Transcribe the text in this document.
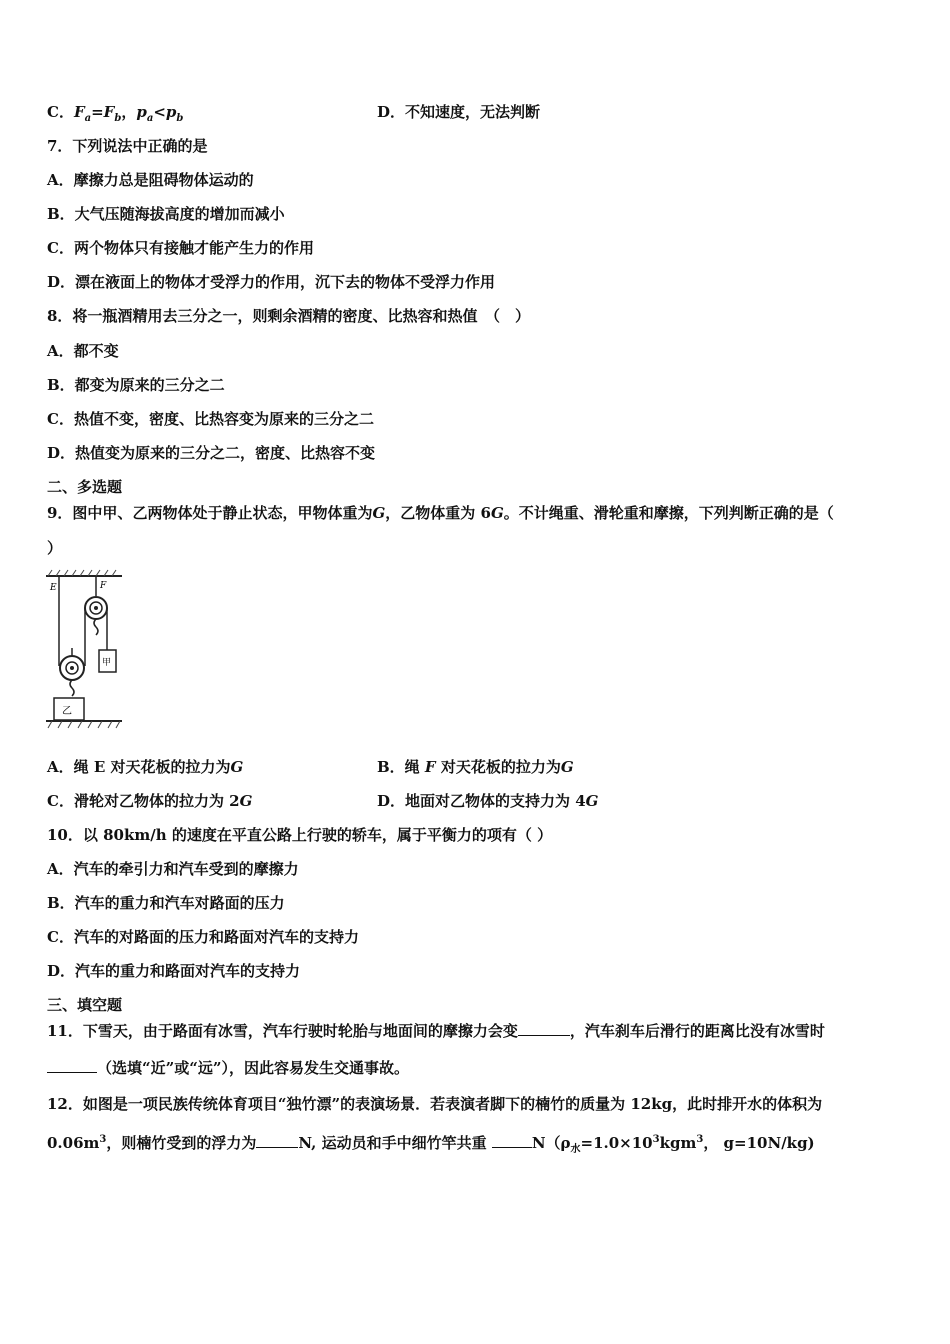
C．$F_a=F_b$，$p_a<p_b$	D．不知速度，无法判断
7．下列说法中正确的是
A．摩擦力总是阻碍物体运动的
B．大气压随海拔高度的增加而减小
C．两个物体只有接触才能产生力的作用
D．漂在液面上的物体才受浮力的作用，沉下去的物体不受浮力作用
8．将一瓶酒精用去三分之一，则剩余酒精的密度、比热容和热值　（　）
A．都不变
B．都变为原来的三分之二
C．热值不变，密度、比热容变为原来的三分之二
D．热值变为原来的三分之二，密度、比热容不变
二、多选题
9．图中甲、乙两物体处于静止状态，甲物体重为G，乙物体重为 6G。不计绳重、滑轮重和摩擦，下列判断正确的是（
）
E	F
甲
乙
A．绳 E 对天花板的拉力为G	B．绳 F 对天花板的拉力为G
C．滑轮对乙物体的拉力为 2G	D．地面对乙物体的支持力为 4G
10．以 80km/h 的速度在平直公路上行驶的轿车，属于平衡力的项有（ ）
A．汽车的牵引力和汽车受到的摩擦力
B．汽车的重力和汽车对路面的压力
C．汽车的对路面的压力和路面对汽车的支持力
D．汽车的重力和路面对汽车的支持力
三、填空题
11．下雪天，由于路面有冰雪，汽车行驶时轮胎与地面间的摩擦力会变	，汽车刹车后滑行的距离比没有冰雪时
（选填“近”或“远”），因此容易发生交通事故。
12．如图是一项民族传统体育项目“独竹漂”的表演场景．若表演者脚下的楠竹的质量为 12kg，此时排开水的体积为
$0.06m^3$，则楠竹受到的浮力为	N, 运动员和手中细竹竿共重	$N(\rho_水=1.0\times 10^3kgm^3$， g=10N/kg)
